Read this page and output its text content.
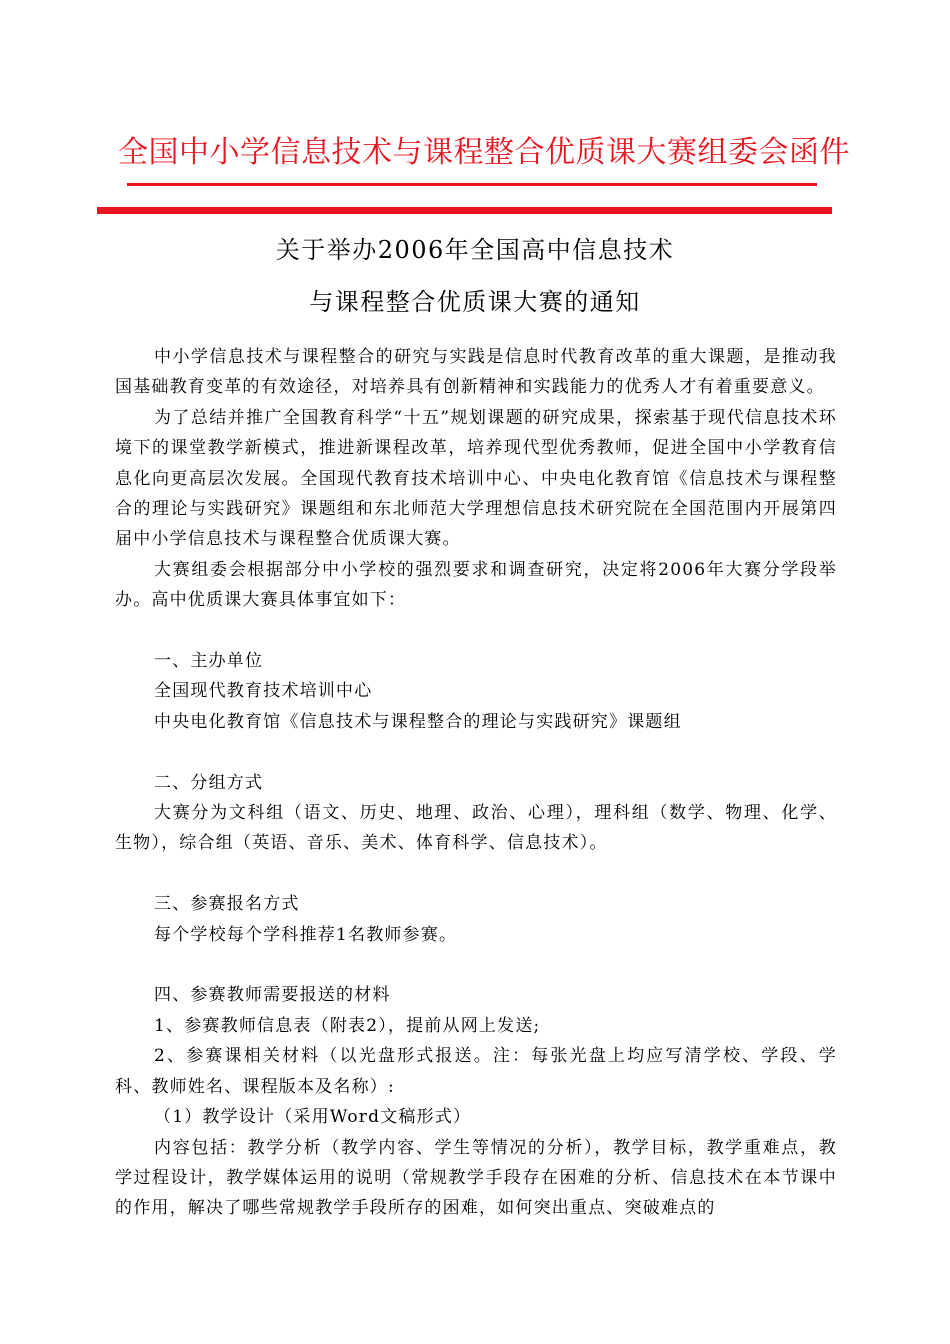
全国中小学信息技术与课程整合优质课大赛组委会函件
关于举办2006年全国高中信息技术
与课程整合优质课大赛的通知

中小学信息技术与课程整合的研究与实践是信息时代教育改革的重大课题，是推动我国基础教育变革的有效途径，对培养具有创新精神和实践能力的优秀人才有着重要意义。

为了总结并推广全国教育科学“十五”规划课题的研究成果，探索基于现代信息技术环境下的课堂教学新模式，推进新课程改革，培养现代型优秀教师，促进全国中小学教育信息化向更高层次发展。全国现代教育技术培训中心、中央电化教育馆《信息技术与课程整合的理论与实践研究》课题组和东北师范大学理想信息技术研究院在全国范围内开展第四届中小学信息技术与课程整合优质课大赛。

大赛组委会根据部分中小学校的强烈要求和调查研究，决定将2006年大赛分学段举办。高中优质课大赛具体事宜如下：

一、主办单位

全国现代教育技术培训中心

中央电化教育馆《信息技术与课程整合的理论与实践研究》课题组

二、分组方式

大赛分为文科组（语文、历史、地理、政治、心理），理科组（数学、物理、化学、生物），综合组（英语、音乐、美术、体育科学、信息技术）。

三、参赛报名方式

每个学校每个学科推荐1名教师参赛。

四、参赛教师需要报送的材料

1、参赛教师信息表（附表2），提前从网上发送;

2、参赛课相关材料（以光盘形式报送。注：每张光盘上均应写清学校、学段、学科、教师姓名、课程版本及名称）:

（1）教学设计（采用Word文稿形式）

内容包括：教学分析（教学内容、学生等情况的分析），教学目标，教学重难点，教学过程设计，教学媒体运用的说明（常规教学手段存在困难的分析、信息技术在本节课中的作用，解决了哪些常规教学手段所存的困难，如何突出重点、突破难点的
